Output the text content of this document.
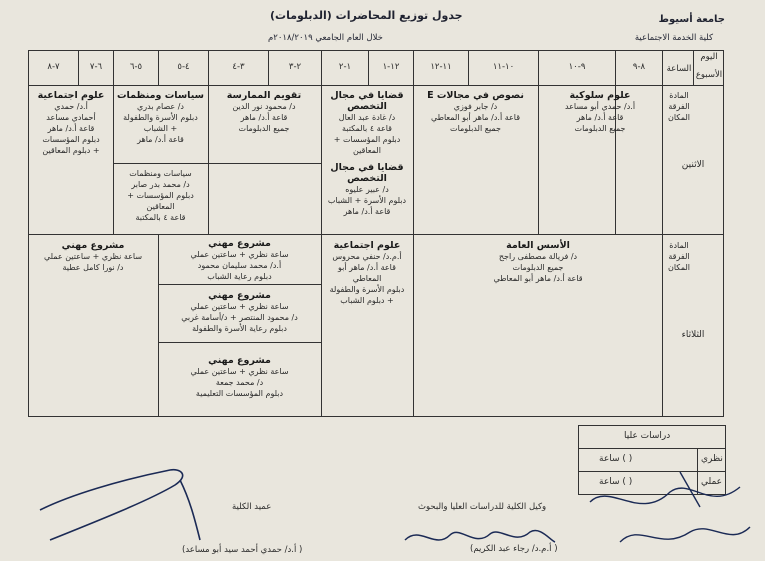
جامعة أسيوط
كلية الخدمة الاجتماعية
جدول توزيع المحاضرات (الدبلومات)
خلال العام الجامعي ٢٠١٨/٢٠١٩م
اليوم
الساعة
الأسبوع
٨-٩
٩-١٠
١٠-١١
١١-١٢
١٢-١
١-٢
٢-٣
٣-٤
٤-٥
٥-٦
٦-٧
٧-٨
المادة
الفرقة
المكان
الاثنين
المادة
الفرقة
المكان
الثلاثاء
علوم سلوكية
أ.د/ حمدي أبو مساعد
قاعة أ.د/ ماهر
جميع الدبلومات
نصوص في مجالات E
د/ جابر فوزي
قاعة أ.د/ ماهر أبو المعاطي
جميع الدبلومات
قضايا في مجال التخصص
د/ غادة عبد العال
قاعة ٤ بالمكتبة
دبلوم المؤسسات + المعاقين
قضايا في مجال التخصص
د/ عبير عليوه
دبلوم الأسرة + الشباب
قاعة أ.د/ ماهر
تقويم الممارسة
د/ محمود نور الدين
قاعة أ.د/ ماهر
جميع الدبلومات
سياسات ومنظمات
د/ عصام بدري
دبلوم الأسرة والطفولة
+ الشباب
قاعة أ.د/ ماهر
سياسات ومنظمات
د/ محمد بدر صابر
دبلوم المؤسسات + المعاقين
قاعة ٤ بالمكتبة
علوم اجتماعية
أ.د/ حمدي
أحمادي مساعد
قاعة أ.د/ ماهر
دبلوم المؤسسات
+ دبلوم المعاقين
الأسس العامة
د/ فريالة مصطفى راجح
جميع الدبلومات
قاعة أ.د/ ماهر أبو المعاطي
علوم اجتماعية
أ.م.د/ حنفي محروس
قاعة أ.د/ ماهر أبو
المعاطي
دبلوم الأسرة والطفولة
+ دبلوم الشباب
مشروع مهني
ساعة نظري + ساعتين عملي
أ.د/ محمد سليمان محمود
دبلوم رعاية الشباب
مشروع مهني
ساعة نظري + ساعتين عملي
د/ محمود المنتصر + د/أسامة غربي
دبلوم رعاية الأسرة والطفولة
مشروع مهني
ساعة نظري + ساعتين عملي
د/ محمد جمعة
دبلوم المؤسسات التعليمية
مشروع مهني
ساعة نظري + ساعتين عملي
د/ نورا كامل عطية
دراسات عليا
نظري
( ) ساعة
عملي
( ) ساعة
عميد الكلية
( أ.د/ حمدي أحمد سيد أبو مساعد)
وكيل الكلية للدراسات العليا والبحوث
( أ.م.د/ رجاء عبد الكريم)
